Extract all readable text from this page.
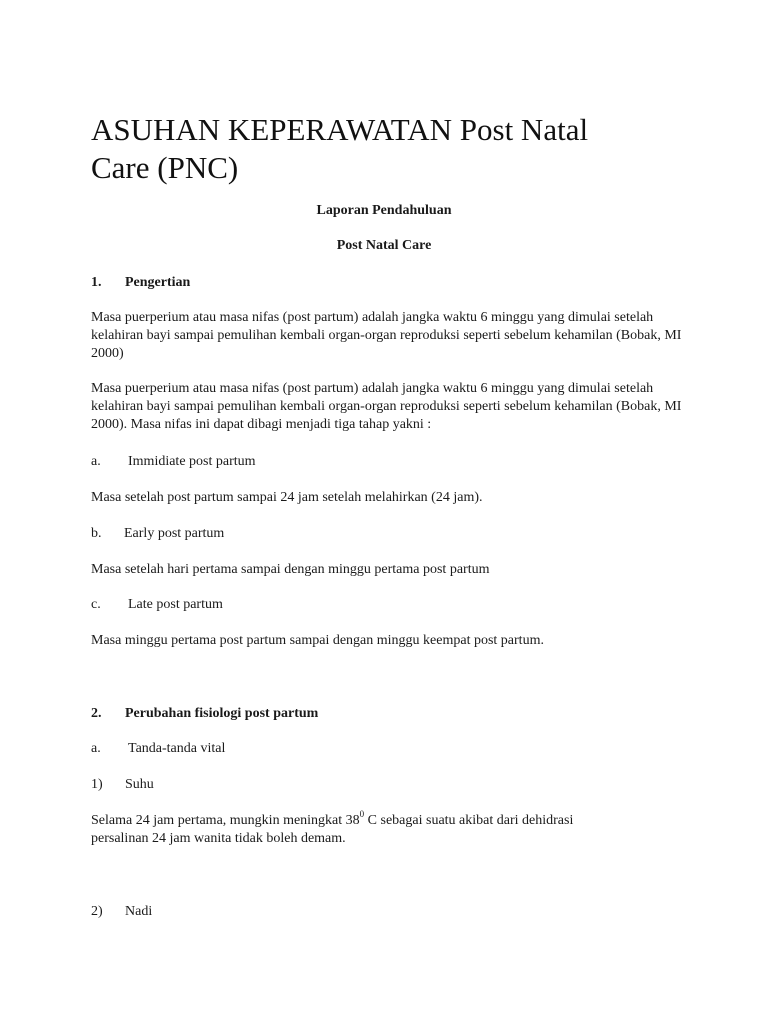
ASUHAN KEPERAWATAN Post Natal Care (PNC)
Laporan Pendahuluan
Post Natal Care
1. Pengertian

Masa puerperium atau masa nifas (post partum) adalah jangka waktu 6 minggu yang dimulai setelah kelahiran bayi sampai pemulihan kembali organ-organ reproduksi seperti sebelum kehamilan (Bobak, MI 2000)

Masa puerperium atau masa nifas (post partum) adalah jangka waktu 6 minggu yang dimulai setelah kelahiran bayi sampai pemulihan kembali organ-organ reproduksi seperti sebelum kehamilan (Bobak, MI 2000). Masa nifas ini dapat dibagi menjadi tiga tahap yakni :

a. Immidiate post partum

Masa setelah post partum sampai 24 jam setelah melahirkan (24 jam).

b. Early post partum

Masa setelah hari pertama sampai dengan minggu pertama post partum

c. Late post partum

Masa minggu pertama post partum sampai dengan minggu keempat post partum.

2. Perubahan fisiologi post partum
a. Tanda-tanda vital
1) Suhu

Selama 24 jam pertama, mungkin meningkat $38^0$ C sebagai suatu akibat dari dehidrasi
persalinan 24 jam wanita tidak boleh demam.

2) Nadi
